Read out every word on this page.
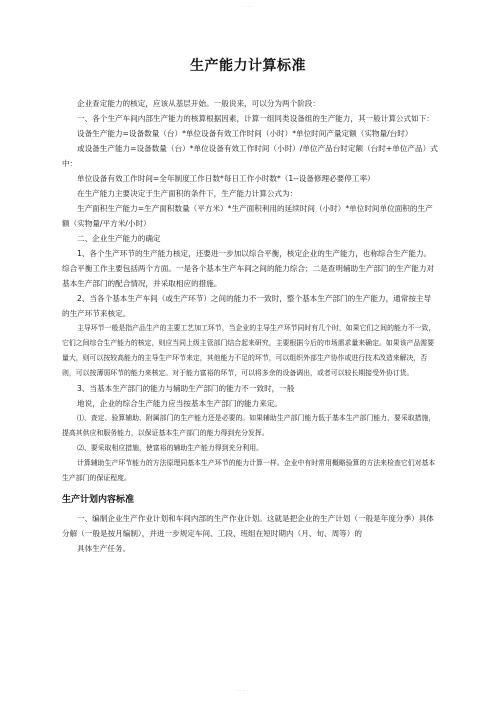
· · · · ·
生产能力计算标准

企业查定能力的核定，应该从基层开始。一般说来，可以分为两个阶段：

一、各个生产车间内部生产能力的核算根据因素，计算一组同类设备组的生产能力，其一般计算公式如下：

设备生产能力=设备数量（台）*单位设备有效工作时间（小时）*单位时间产量定额（实物量/台时）

或设备生产能力=设备数量（台）*单位设备有效工作时间（小时）/单位产品台时定额（台时+单位产品）式中：

单位设备有效工作时间=全年制度工作日数*每日工作小时数*（1--设备修理必要停工率）

在生产能力主要决定于生产面积的条件下，生产能力计算公式为：

生产面积生产能力=生产面积数量（平方米）*生产面积利用的延续时间（小时）*单位时间单位面积的生产额（实物量/平方米/小时）

二、企业生产能力的确定

1、各个生产环节的生产能力核定，还要进一步加以综合平衡，核定企业的生产能力，也称综合生产能力。综合平衡工作主要包括两个方面。一是各个基本生产车间之间的能力综合；二是查明辅助生产部门的生产能力对基本生产部门的配合情况，并采取相应的措施。

2、当各个基本生产车间（或生产环节）之间的能力不一致时，整个基本生产部门的生产能力，通常按主导的生产环节来核定。

主导环节一般是指产品生产的主要工艺加工环节，当企业的主导生产环节同时有几个时，如果它们之间的能力不一致，它们之间综合生产能力的核定，则应当同上级主管部门结合起来研究，主要根据今后的市场需求量来确定。如果该产品需要量大，则可以按较高能力的主导生产环节来定，其他能力不足的环节，可以组织外部生产协作或进行技术改造来解决，否则，可以按薄弱环节的能力来核定。对于能力富裕的环节，可以将多余的设备调出，或者可以较长期接受外协订货。

3、当基本生产部门的能力与辅助生产部门的能力不一致时，一般

地说，企业的综合生产能力应当按基本生产部门的能力来定。

⑴、查定、验算辅助、附属部门的生产能力还是必要的。如果辅助生产部门能力低于基本生产部门能力，要采取措施，提高其供应和服务能力，以保证基本生产部门的能力得到充分发挥。

⑵、要采取相应措施，使富裕的辅助生产能力得到充分利用。

计算辅助生产环节能力的方法原理同基本生产环节的能力计算一样。企业中有时常用概略验算的方法来检查它们对基本生产部门的保证程度。

生产计划内容标准

一、编制企业生产作业计划和车间内部的生产作业计划。这就是把企业的生产计划（一般是年度分季）具体分解（一般是按月编制），并进一步规定车间、工段、班组在短时期内（月、旬、周等）的

具体生产任务。

- - - -
